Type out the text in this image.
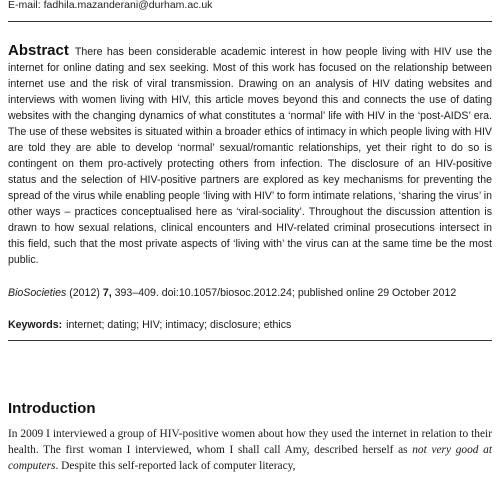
E-mail: fadhila.mazanderani@durham.ac.uk
Abstract There has been considerable academic interest in how people living with HIV use the internet for online dating and sex seeking. Most of this work has focused on the relationship between internet use and the risk of viral transmission. Drawing on an analysis of HIV dating websites and interviews with women living with HIV, this article moves beyond this and connects the use of dating websites with the changing dynamics of what constitutes a ‘normal’ life with HIV in the ‘post-AIDS’ era. The use of these websites is situated within a broader ethics of intimacy in which people living with HIV are told they are able to develop ‘normal’ sexual/romantic relationships, yet their right to do so is contingent on them pro-actively protecting others from infection. The disclosure of an HIV-positive status and the selection of HIV-positive partners are explored as key mechanisms for preventing the spread of the virus while enabling people ‘living with HIV’ to form intimate relations, ‘sharing the virus’ in other ways – practices conceptualised here as ‘viral-sociality’. Throughout the discussion attention is drawn to how sexual relations, clinical encounters and HIV-related criminal prosecutions intersect in this field, such that the most private aspects of ‘living with’ the virus can at the same time be the most public.
BioSocieties (2012) 7, 393–409. doi:10.1057/biosoc.2012.24; published online 29 October 2012
Keywords: internet; dating; HIV; intimacy; disclosure; ethics
Introduction
In 2009 I interviewed a group of HIV-positive women about how they used the internet in relation to their health. The first woman I interviewed, whom I shall call Amy, described herself as not very good at computers. Despite this self-reported lack of computer literacy,
